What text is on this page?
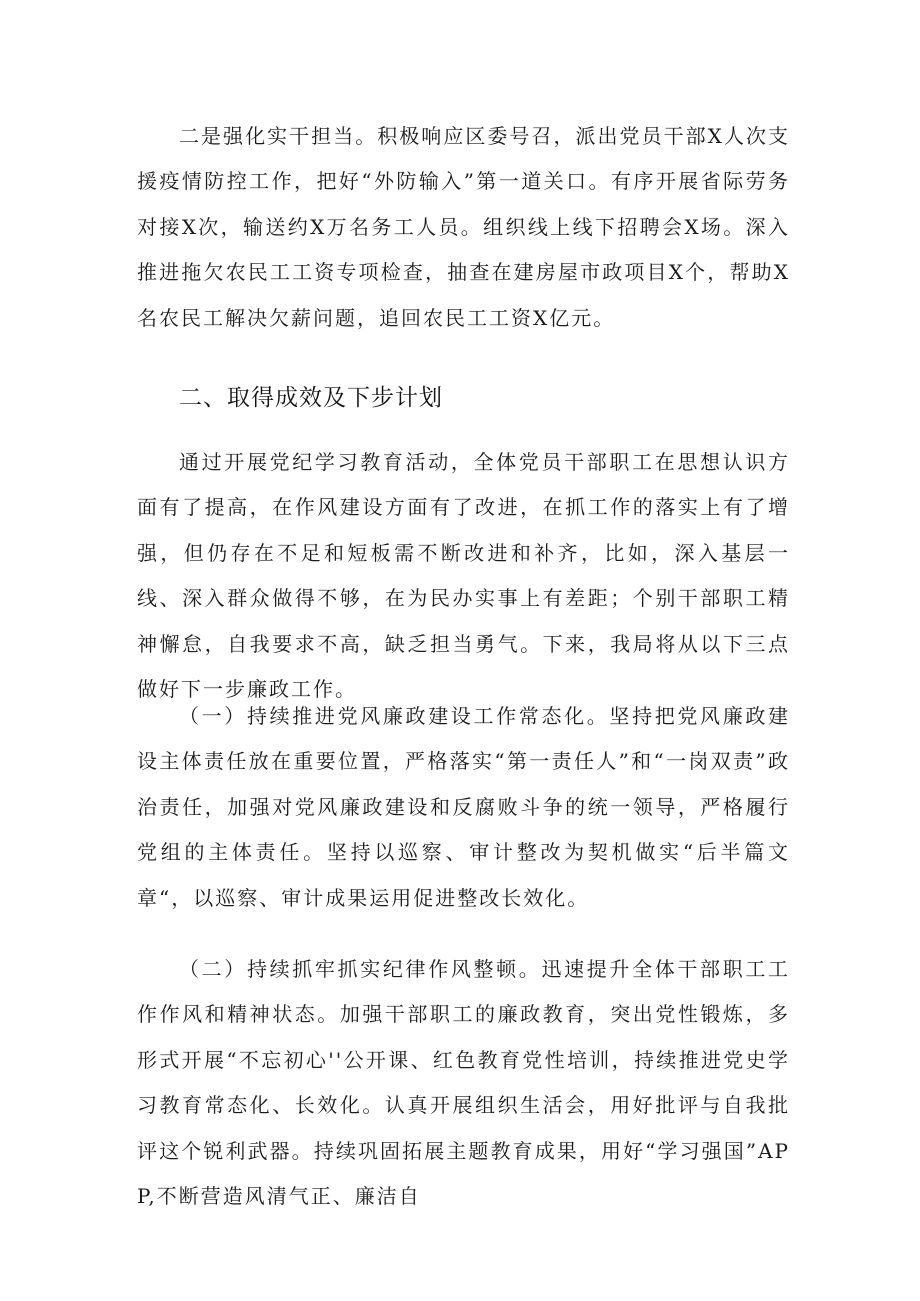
二是强化实干担当。积极响应区委号召，派出党员干部X人次支援疫情防控工作，把好“外防输入”第一道关口。有序开展省际劳务对接X次，输送约X万名务工人员。组织线上线下招聘会X场。深入推进拖欠农民工工资专项检查，抽查在建房屋市政项目X个，帮助X名农民工解决欠薪问题，追回农民工工资X亿元。

二、取得成效及下步计划

通过开展党纪学习教育活动，全体党员干部职工在思想认识方面有了提高，在作风建设方面有了改进，在抓工作的落实上有了增强，但仍存在不足和短板需不断改进和补齐，比如，深入基层一线、深入群众做得不够，在为民办实事上有差距；个别干部职工精神懈怠，自我要求不高，缺乏担当勇气。下来，我局将从以下三点做好下一步廉政工作。

（一）持续推进党风廉政建设工作常态化。坚持把党风廉政建设主体责任放在重要位置，严格落实“第一责任人”和“一岗双责”政治责任，加强对党风廉政建设和反腐败斗争的统一领导，严格履行党组的主体责任。坚持以巡察、审计整改为契机做实“后半篇文章“，以巡察、审计成果运用促进整改长效化。

（二）持续抓牢抓实纪律作风整顿。迅速提升全体干部职工工作作风和精神状态。加强干部职工的廉政教育，突出党性锻炼，多形式开展“不忘初心''公开课、红色教育党性培训，持续推进党史学习教育常态化、长效化。认真开展组织生活会，用好批评与自我批评这个锐利武器。持续巩固拓展主题教育成果，用好“学习强国”APP,不断营造风清气正、廉洁自
